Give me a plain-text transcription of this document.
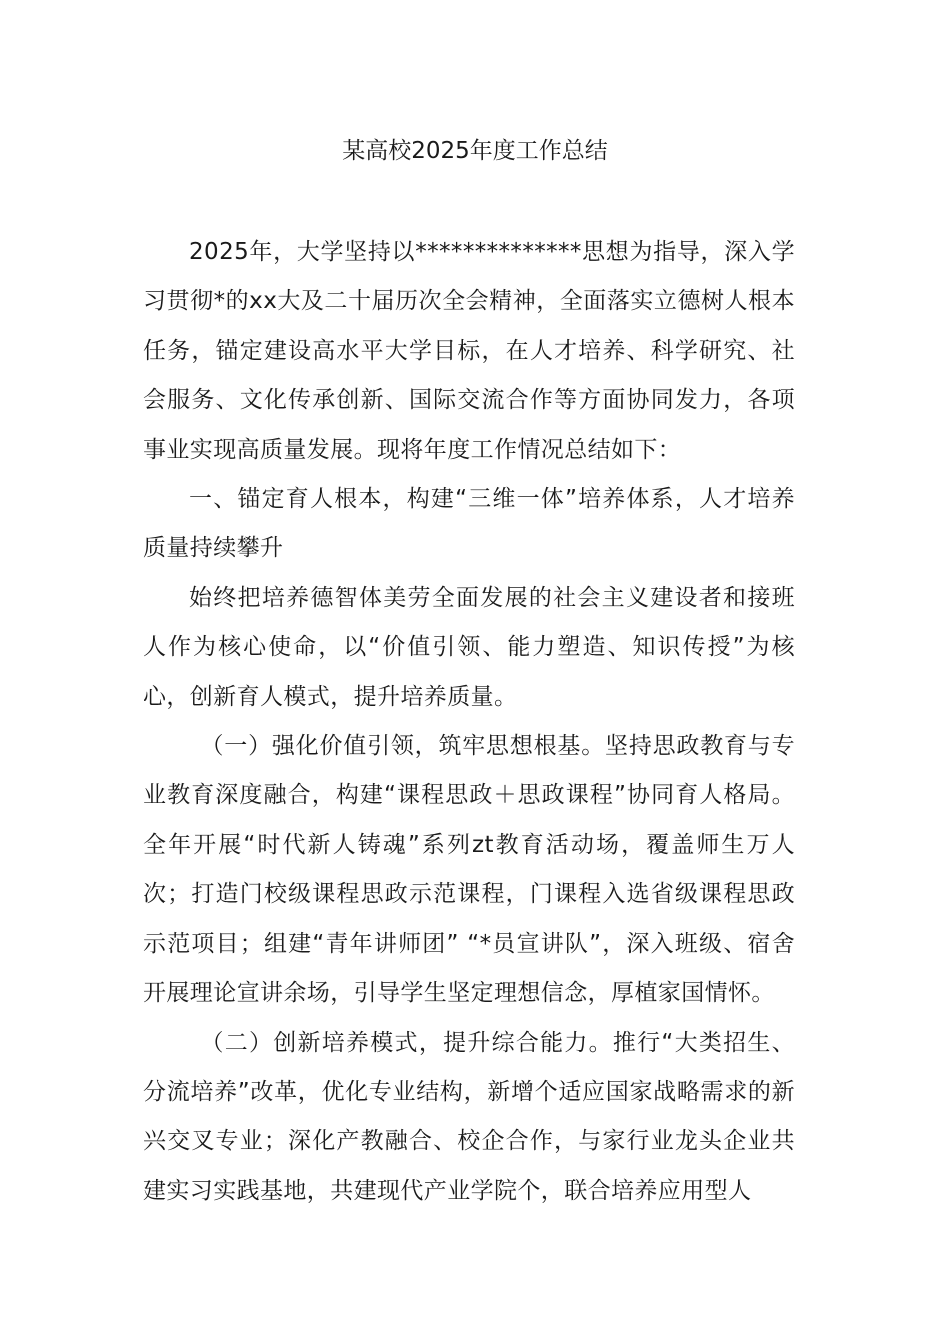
某高校2025年度工作总结

2025年，大学坚持以**************思想为指导，深入学习贯彻*的xx大及二十届历次全会精神，全面落实立德树人根本任务，锚定建设高水平大学目标，在人才培养、科学研究、社会服务、文化传承创新、国际交流合作等方面协同发力，各项事业实现高质量发展。现将年度工作情况总结如下：

一、锚定育人根本，构建“三维一体”培养体系，人才培养质量持续攀升

始终把培养德智体美劳全面发展的社会主义建设者和接班人作为核心使命，以“价值引领、能力塑造、知识传授”为核心，创新育人模式，提升培养质量。

（一）强化价值引领，筑牢思想根基。坚持思政教育与专业教育深度融合，构建“课程思政＋思政课程”协同育人格局。全年开展“时代新人铸魂”系列zt教育活动场，覆盖师生万人次；打造门校级课程思政示范课程，门课程入选省级课程思政示范项目；组建“青年讲师团” “*员宣讲队”，深入班级、宿舍开展理论宣讲余场，引导学生坚定理想信念，厚植家国情怀。

（二）创新培养模式，提升综合能力。推行“大类招生、分流培养”改革，优化专业结构，新增个适应国家战略需求的新兴交叉专业；深化产教融合、校企合作，与家行业龙头企业共建实习实践基地，共建现代产业学院个，联合培养应用型人
